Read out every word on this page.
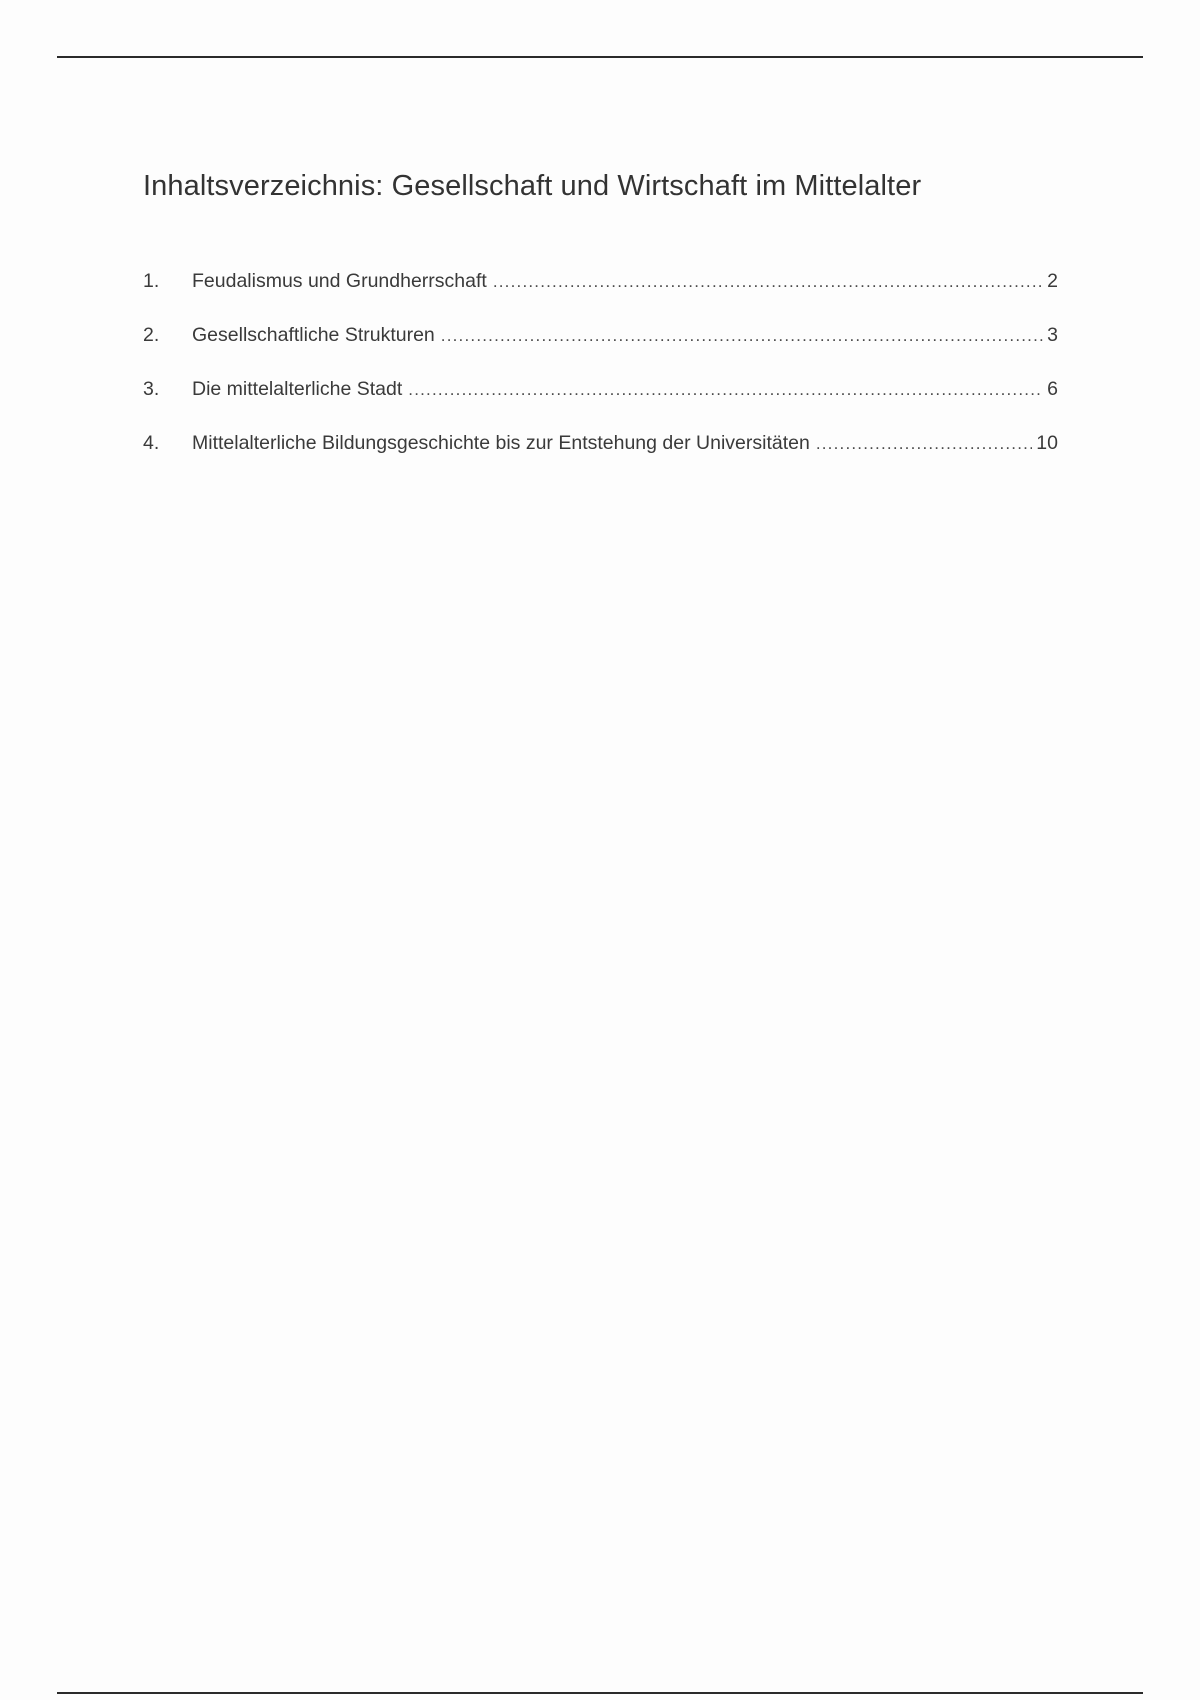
Inhaltsverzeichnis: Gesellschaft und Wirtschaft im Mittelalter
1.	Feudalismus und Grundherrschaft .....	2
2.	Gesellschaftliche Strukturen .....	3
3.	Die mittelalterliche Stadt .....	6
4.	Mittelalterliche Bildungsgeschichte bis zur Entstehung der Universitäten .....	10
